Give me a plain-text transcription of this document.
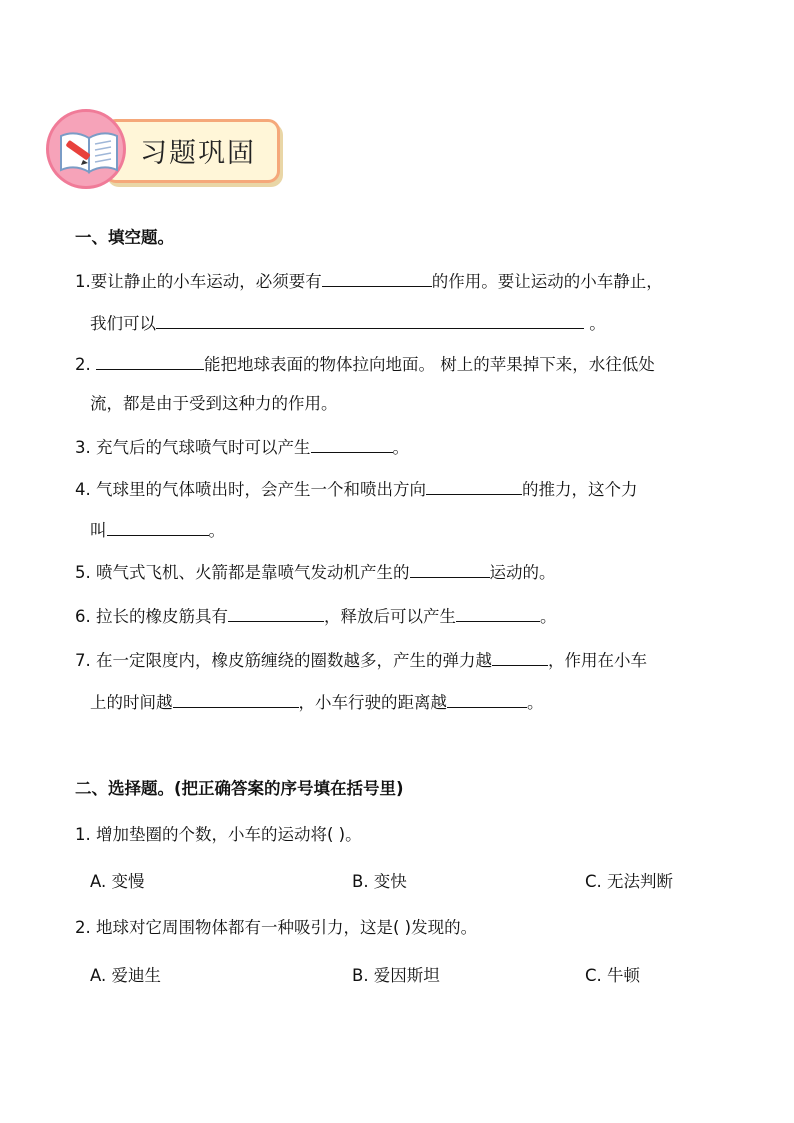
习题巩固
一、填空题。
1.要让静止的小车运动，必须要有	的作用。要让运动的小车静止，
我们可以	。
2.	能把地球表面的物体拉向地面。 树上的苹果掉下来，水往低处
流，都是由于受到这种力的作用。
3. 充气后的气球喷气时可以产生	。
4. 气球里的气体喷出时，会产生一个和喷出方向	的推力，这个力
叫	。
5. 喷气式飞机、火箭都是靠喷气发动机产生的	运动的。
6. 拉长的橡皮筋具有	，释放后可以产生	。
7. 在一定限度内，橡皮筋缠绕的圈数越多，产生的弹力越	，作用在小车
上的时间越	，小车行驶的距离越	。
二、选择题。(把正确答案的序号填在括号里)
1. 增加垫圈的个数，小车的运动将( )。
A. 变慢	B. 变快	C. 无法判断
2. 地球对它周围物体都有一种吸引力，这是( )发现的。
A. 爱迪生	B. 爱因斯坦	C. 牛顿
